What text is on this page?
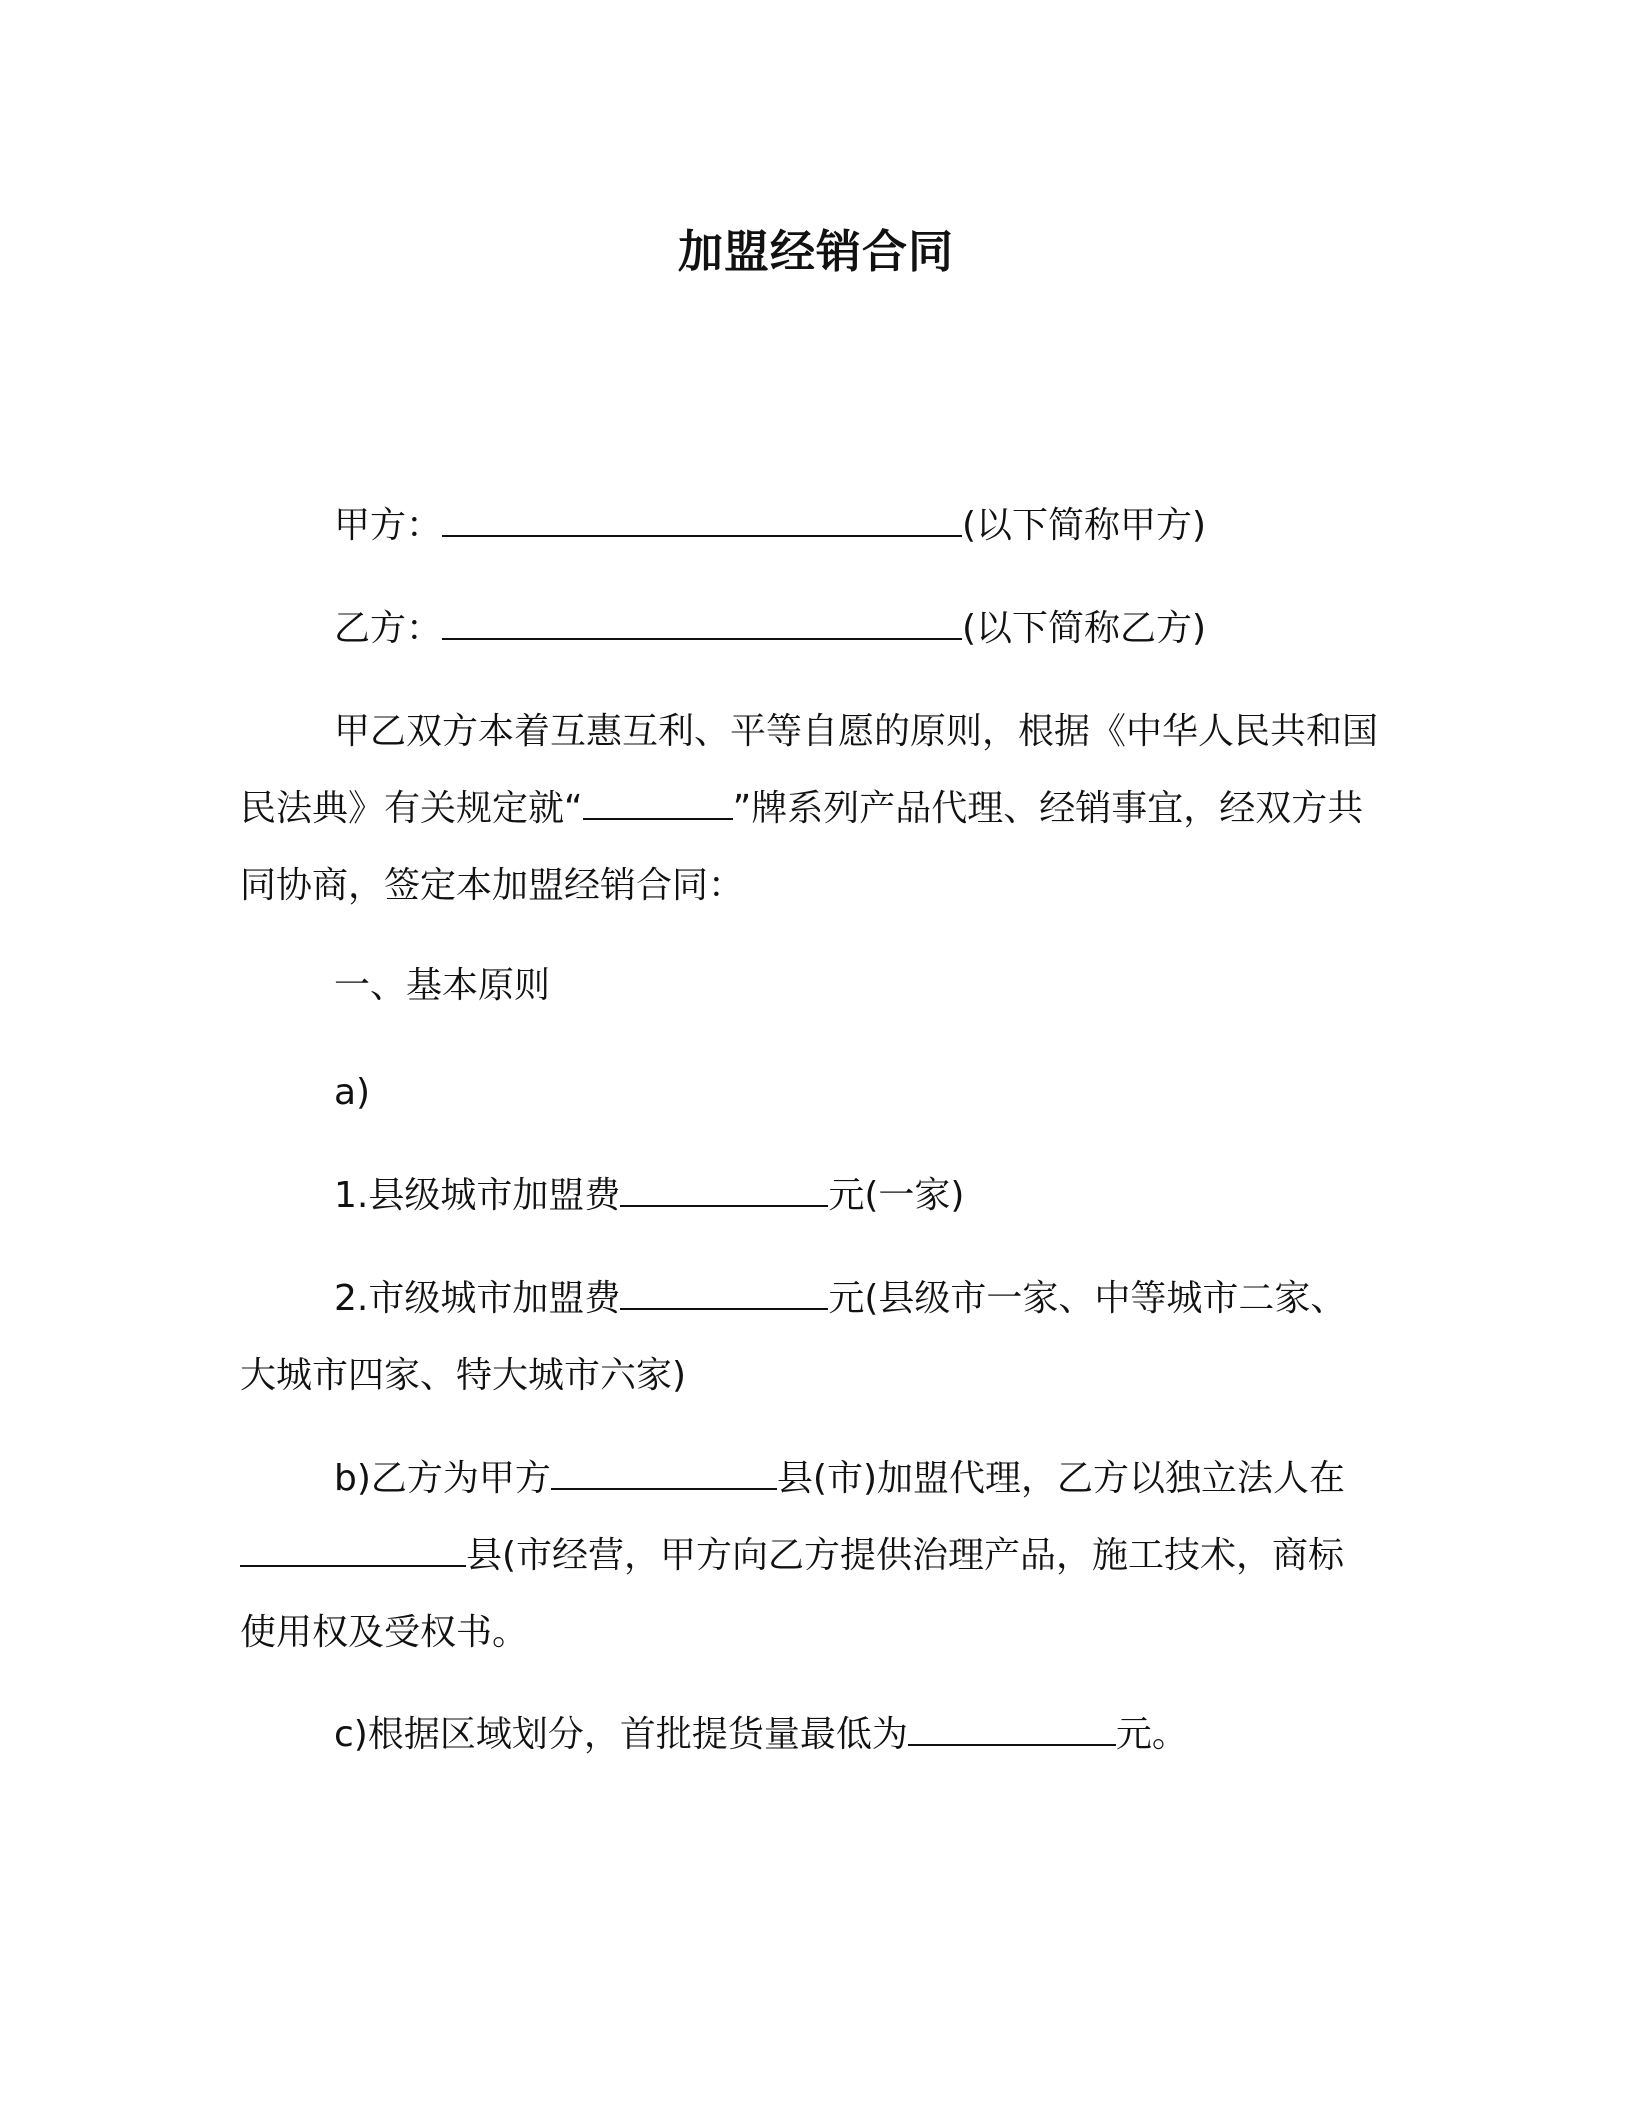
加盟经销合同

甲方：	(以下简称甲方)

乙方：	(以下简称乙方)

甲乙双方本着互惠互利、平等自愿的原则，根据《中华人民共和国民法典》有关规定就“	”牌系列产品代理、经销事宜，经双方共同协商，签定本加盟经销合同：

一、基本原则

a)

1.县级城市加盟费	元(一家)

2.市级城市加盟费	元(县级市一家、中等城市二家、大城市四家、特大城市六家)

b)乙方为甲方	县(市)加盟代理，乙方以独立法人在县(市经营，甲方向乙方提供治理产品，施工技术，商标使用权及受权书。

c)根据区域划分，首批提货量最低为	元。
